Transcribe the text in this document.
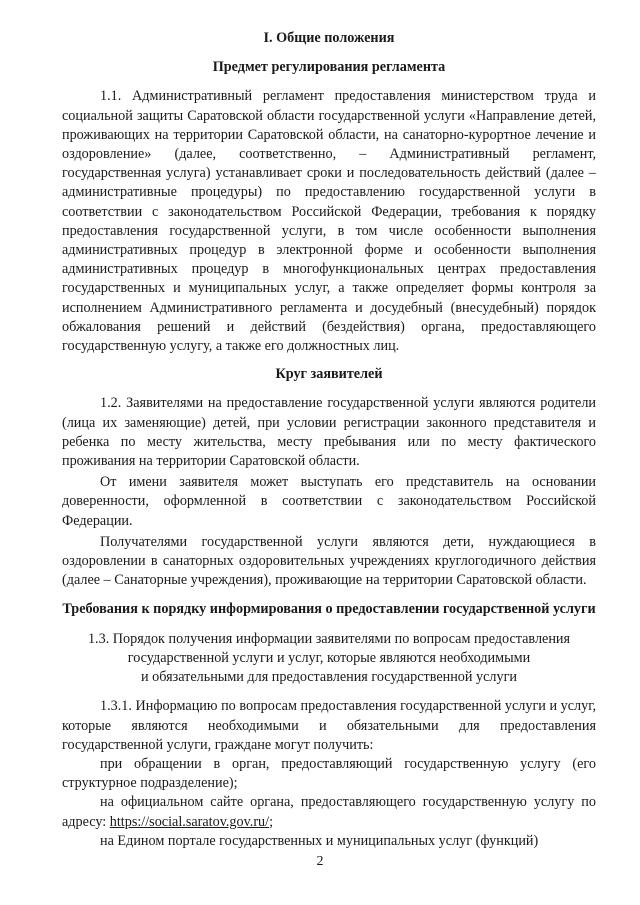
I. Общие положения

Предмет регулирования регламента

1.1. Административный регламент предоставления министерством труда и социальной защиты Саратовской области государственной услуги «Направление детей, проживающих на территории Саратовской области, на санаторно-курортное лечение и оздоровление» (далее, соответственно, – Административный регламент, государственная услуга) устанавливает сроки и последовательность действий (далее – административные процедуры) по предоставлению государственной услуги в соответствии с законодательством Российской Федерации, требования к порядку предоставления государственной услуги, в том числе особенности выполнения административных процедур в электронной форме и особенности выполнения административных процедур в многофункциональных центрах предоставления государственных и муниципальных услуг, а также определяет формы контроля за исполнением Административного регламента и досудебный (внесудебный) порядок обжалования решений и действий (бездействия) органа, предоставляющего государственную услугу, а также его должностных лиц.

Круг заявителей

1.2. Заявителями на предоставление государственной услуги являются родители (лица их заменяющие) детей, при условии регистрации законного представителя и ребенка по месту жительства, месту пребывания или по месту фактического проживания на территории Саратовской области.

От имени заявителя может выступать его представитель на основании доверенности, оформленной в соответствии с законодательством Российской Федерации.

Получателями государственной услуги являются дети, нуждающиеся в оздоровлении в санаторных оздоровительных учреждениях круглогодичного действия (далее – Санаторные учреждения), проживающие на территории Саратовской области.

Требования к порядку информирования о предоставлении государственной услуги

1.3. Порядок получения информации заявителями по вопросам предоставления

государственной услуги и услуг, которые являются необходимыми

и обязательными для предоставления государственной услуги

1.3.1. Информацию по вопросам предоставления государственной услуги и услуг, которые являются необходимыми и обязательными для предоставления государственной услуги, граждане могут получить:

при обращении в орган, предоставляющий государственную услугу (его структурное подразделение);

на официальном сайте органа, предоставляющего государственную услугу по адресу: https://social.saratov.gov.ru/;

на Едином портале государственных и муниципальных услуг (функций)

2
